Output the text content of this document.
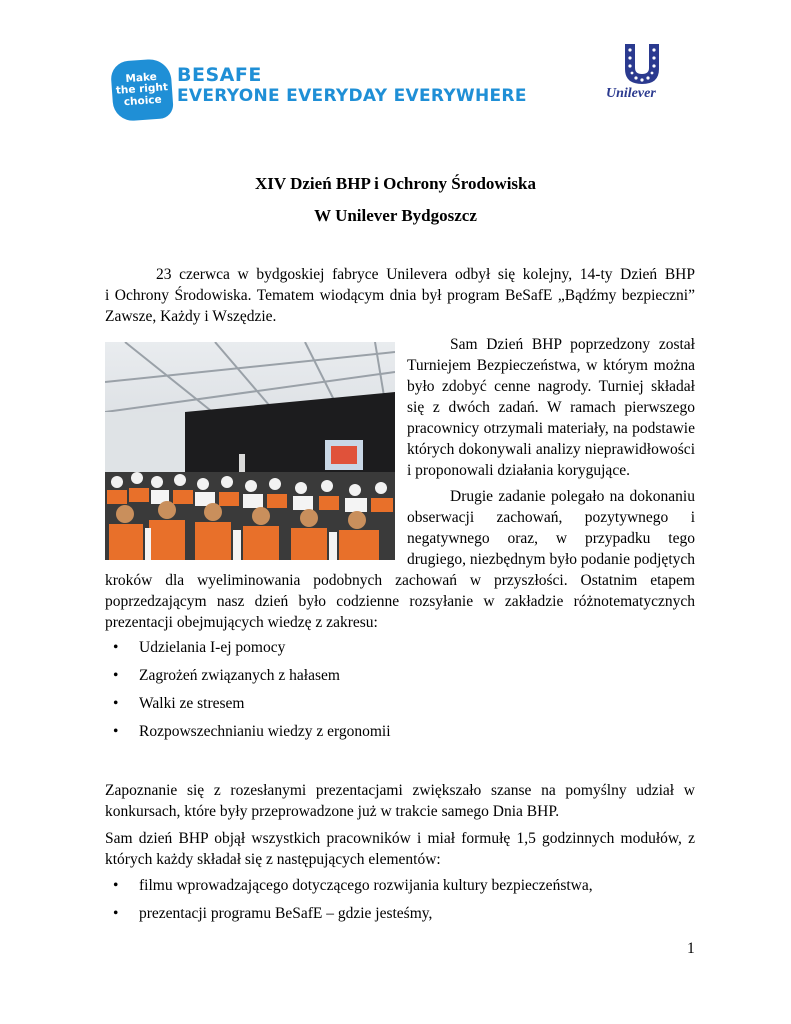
Make
the right
choice
BESAFE
EVERYONE EVERYDAY EVERYWHERE	Unilever
XIV Dzień BHP i Ochrony Środowiska
W Unilever Bydgoszcz
23 czerwca w bydgoskiej fabryce Unilevera odbył się kolejny, 14-ty Dzień BHP
i Ochrony Środowiska. Tematem wiodącym dnia był program BeSafE „Bądźmy bezpieczni”
Zawsze, Każdy i Wszędzie.
Sam Dzień BHP poprzedzony został
Turniejem Bezpieczeństwa, w którym można
było zdobyć cenne nagrody. Turniej składał
się z dwóch zadań. W ramach pierwszego
pracownicy otrzymali materiały, na podstawie
których dokonywali analizy nieprawidłowości
i proponowali działania korygujące.
Drugie zadanie polegało na dokonaniu
obserwacji zachowań, pozytywnego i
negatywnego oraz, w przypadku tego
drugiego, niezbędnym było podanie podjętych
kroków dla wyeliminowania podobnych zachowań w przyszłości. Ostatnim etapem
poprzedzającym nasz dzień było codzienne rozsyłanie w zakładzie różnotematycznych
prezentacji obejmujących wiedzę z zakresu:
• Udzielania I-ej pomocy
• Zagrożeń związanych z hałasem
• Walki ze stresem
• Rozpowszechnianiu wiedzy z ergonomii
Zapoznanie się z rozesłanymi prezentacjami zwiększało szanse na pomyślny udział w
konkursach, które były przeprowadzone już w trakcie samego Dnia BHP.
Sam dzień BHP objął wszystkich pracowników i miał formułę 1,5 godzinnych modułów, z
których każdy składał się z następujących elementów:
• filmu wprowadzającego dotyczącego rozwijania kultury bezpieczeństwa,
• prezentacji programu BeSafE – gdzie jesteśmy,
1
